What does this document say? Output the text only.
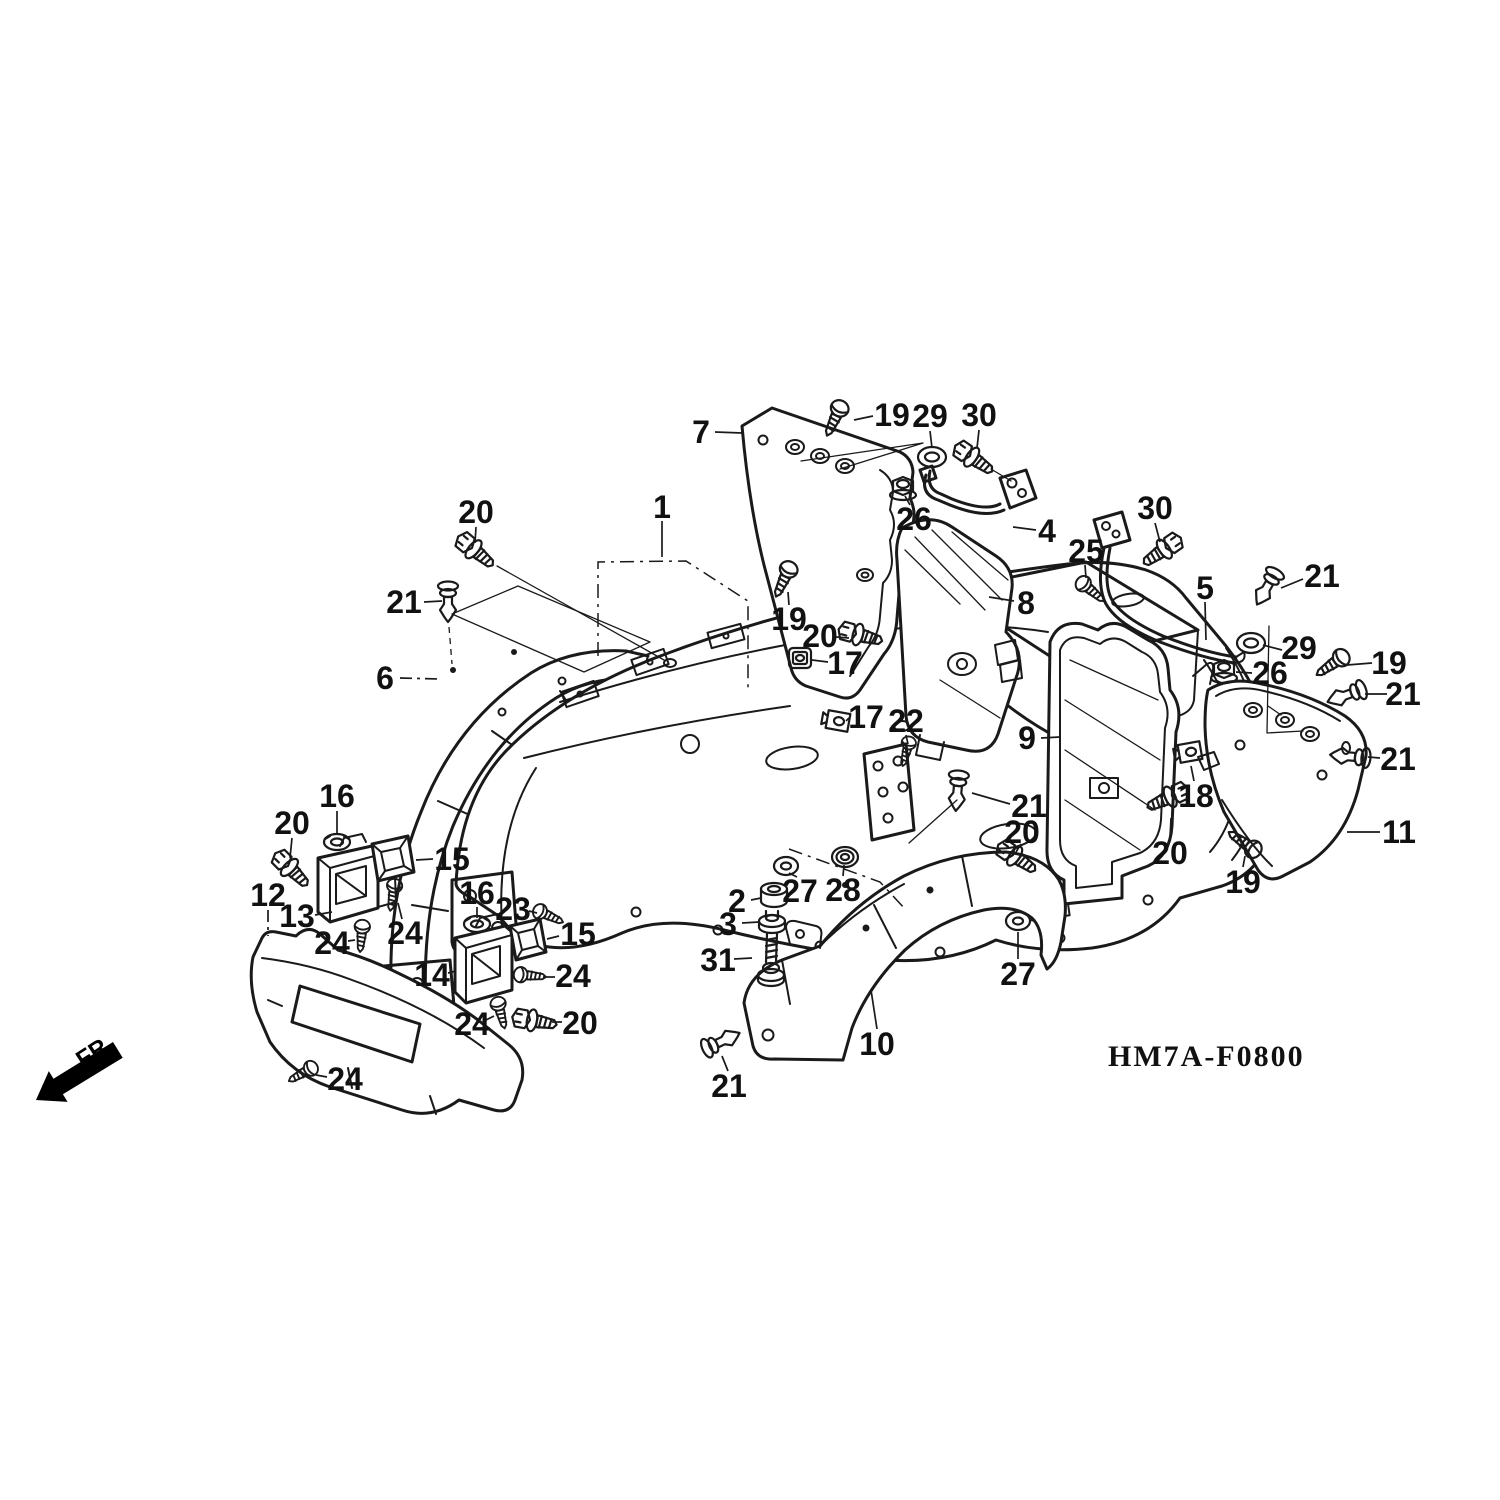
7	19 29 30
26	4
20	1	30
25
21
5
21	19	8
20	29
17	26	19
6	21
17 22	9
21
18
16	21
20	20
15	20
11
12
13
16 23	27 28
2
3
15
19
24
24
14	24	31	27
24 20
10
24	21
HM7A-F0800
FR.
